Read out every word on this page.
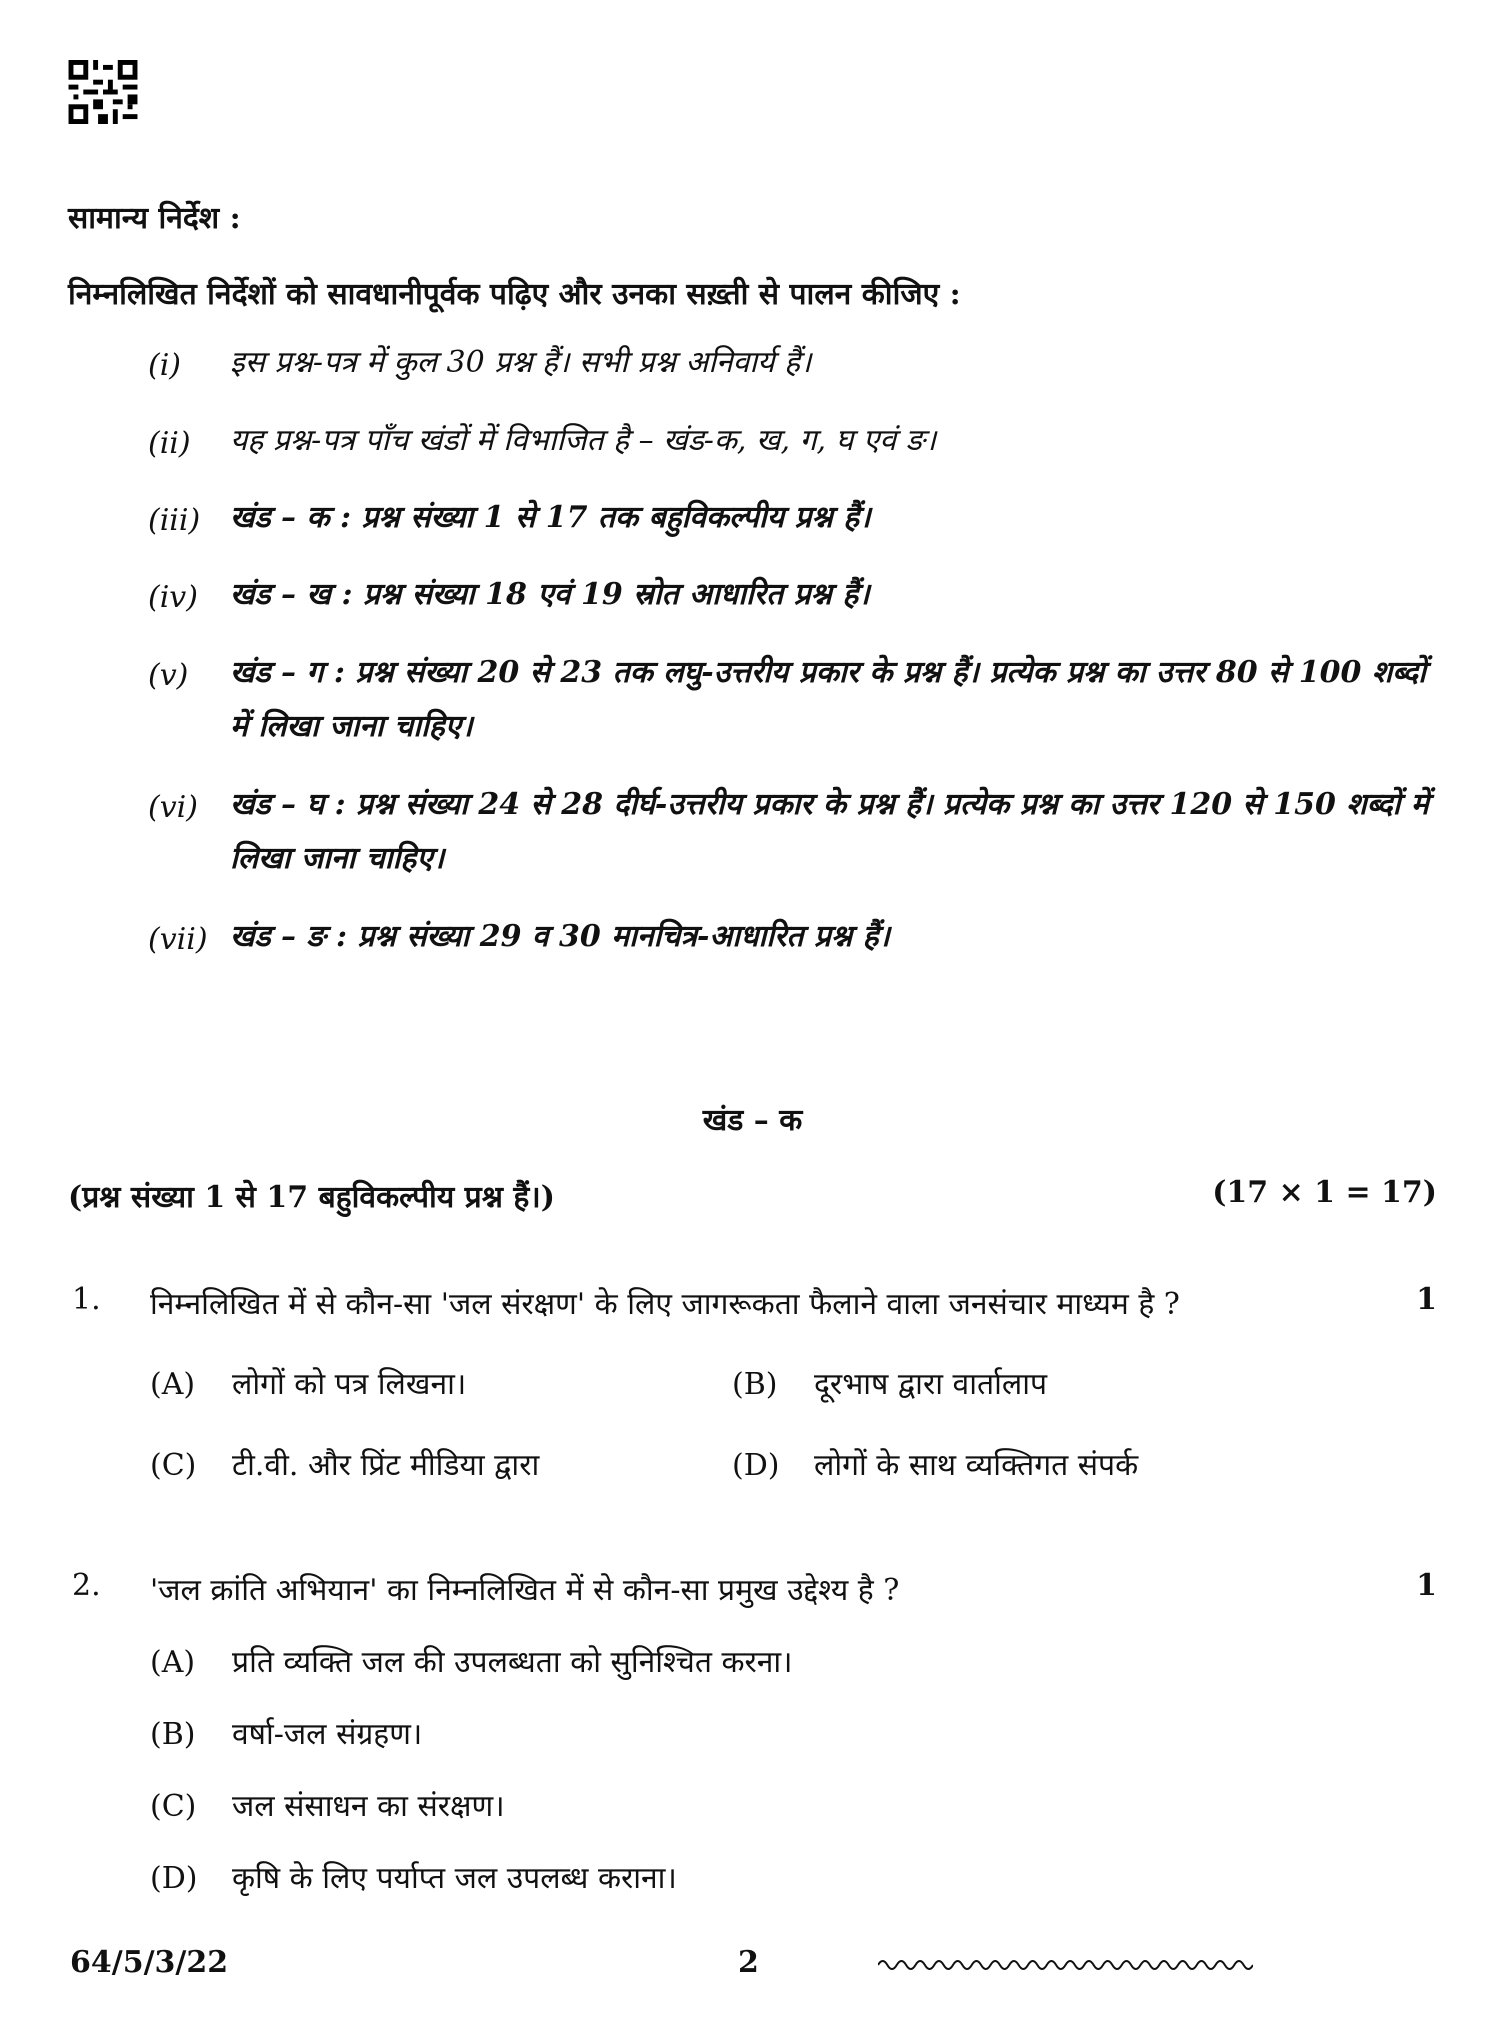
सामान्य निर्देश :
निम्नलिखित निर्देशों को सावधानीपूर्वक पढ़िए और उनका सख़्ती से पालन कीजिए :
(i)	इस प्रश्न-पत्र में कुल 30 प्रश्न हैं। सभी प्रश्न अनिवार्य हैं।
(ii)	यह प्रश्न-पत्र पाँच खंडों में विभाजित है – खंड-क, ख, ग, घ एवं ङ।
(iii) खंड – क : प्रश्न संख्या 1 से 17 तक बहुविकल्पीय प्रश्न हैं।
(iv)	खंड – ख : प्रश्न संख्या 18 एवं 19 स्रोत आधारित प्रश्न हैं।
(v)	खंड – ग : प्रश्न संख्या 20 से 23 तक लघु-उत्तरीय प्रकार के प्रश्न हैं। प्रत्येक प्रश्न का उत्तर 80 से 100 शब्दों में लिखा जाना चाहिए।
(vi)	खंड – घ : प्रश्न संख्या 24 से 28 दीर्घ-उत्तरीय प्रकार के प्रश्न हैं। प्रत्येक प्रश्न का उत्तर 120 से 150 शब्दों में लिखा जाना चाहिए।
(vii) खंड – ङ : प्रश्न संख्या 29 व 30 मानचित्र-आधारित प्रश्न हैं।
खंड – क
(प्रश्न संख्या 1 से 17 बहुविकल्पीय प्रश्न हैं।)	(17 × 1 = 17)
1. निम्नलिखित में से कौन-सा 'जल संरक्षण' के लिए जागरूकता फैलाने वाला जनसंचार माध्यम है ?	1
(A) लोगों को पत्र लिखना।	(B) दूरभाष द्वारा वार्तालाप
(C) टी.वी. और प्रिंट मीडिया द्वारा	(D) लोगों के साथ व्यक्तिगत संपर्क
2. 'जल क्रांति अभियान' का निम्नलिखित में से कौन-सा प्रमुख उद्देश्य है ?	1
(A) प्रति व्यक्ति जल की उपलब्धता को सुनिश्चित करना।
(B) वर्षा-जल संग्रहण।
(C) जल संसाधन का संरक्षण।
(D) कृषि के लिए पर्याप्त जल उपलब्ध कराना।
64/5/3/22	2
